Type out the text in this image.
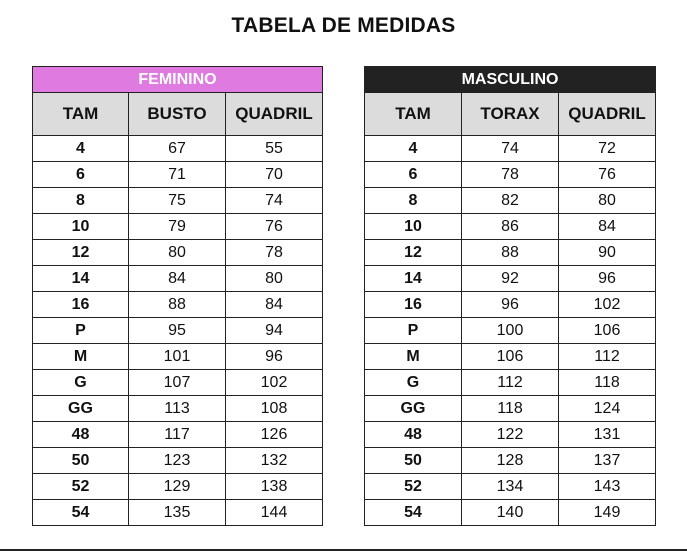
TABELA DE MEDIDAS
FEMININO		
TAM	BUSTO	QUADRIL
4	67	55
6	71	70
8	75	74
10	79	76
12	80	78
14	84	80
16	88	84
P	95	94
M	101	96
G	107	102
GG	113	108
48	117	126
50	123	132
52	129	138
54	135	144
MASCULINO		
TAM	TORAX	QUADRIL
4	74	72
6	78	76
8	82	80
10	86	84
12	88	90
14	92	96
16	96	102
P	100	106
M	106	112
G	112	118
GG	118	124
48	122	131
50	128	137
52	134	143
54	140	149
